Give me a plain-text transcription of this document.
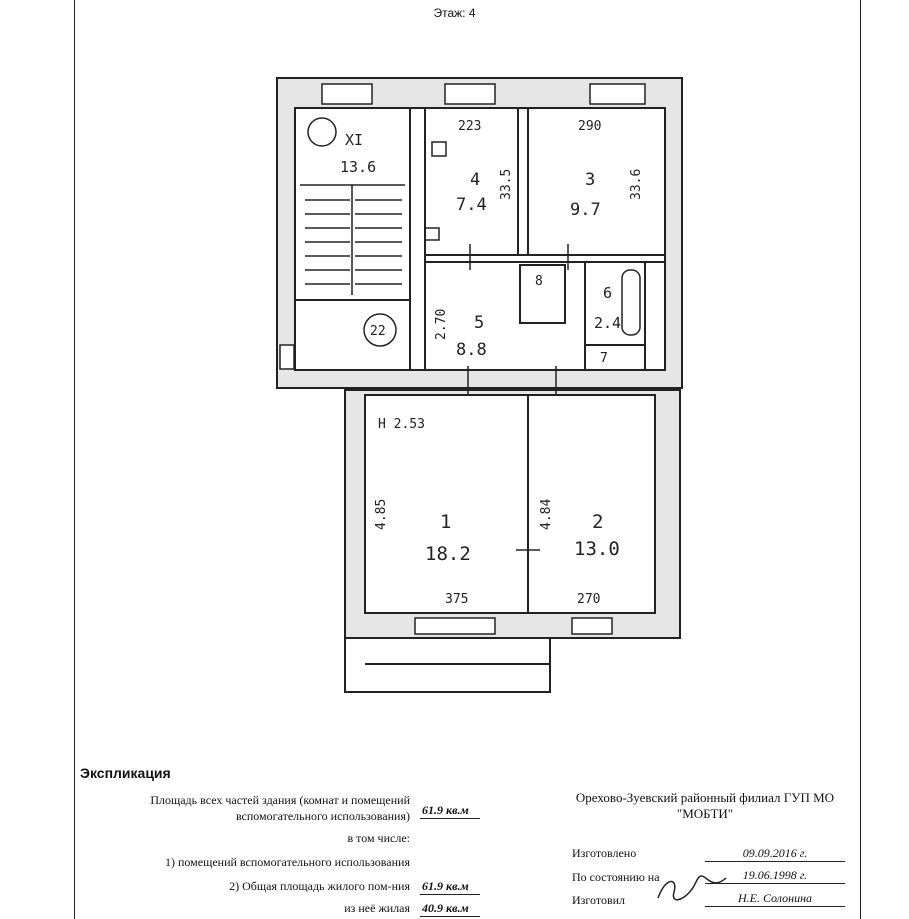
Этаж: 4
XI
13.6
4
7.4
3
9.7
5
8.8
6
2.4
7
8
1
18.2
2
13.0
223	290
33.5	33.6
2.70
22
H 2.53
4.85	4.84
375	270
Экспликация
Площадь всех частей здания (комнат и помещений
вспомогательного использования) 61.9 кв.м
в том числе:
1) помещений вспомогательного использования
2) Общая площадь жилого пом-ния 61.9 кв.м
из неё жилая 40.9 кв.м
Орехово-Зуевский районный филиал ГУП МО
"МОБТИ"
Изготовлено	09.09.2016 г.
По состоянию на	19.06.1998 г.
Изготовил	Н.Е. Солонина
